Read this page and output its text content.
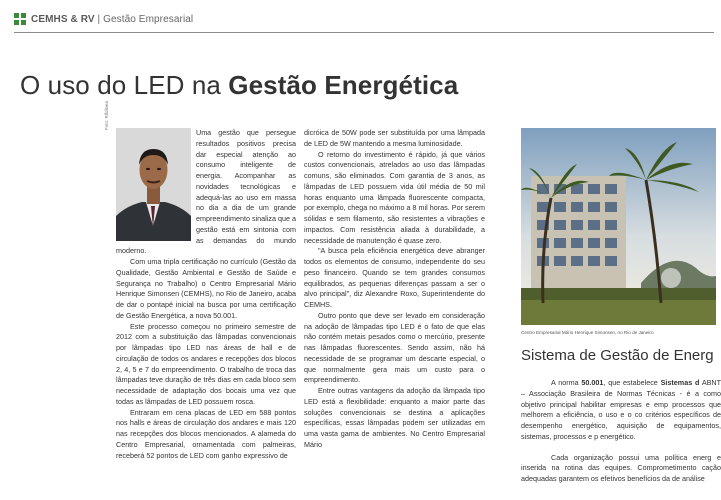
CEMHS & RV | Gestão Empresarial
O uso do LED na Gestão Energética
Foto: Rifolinea

Uma gestão que persegue resultados positivos precisa dar especial atenção ao consumo inteligente de energia. Acompanhar as novidades tecnológicas e adequá-las ao uso em massa no dia a dia de um grande empreendimento sinaliza que a gestão está em sintonia com as demandas do mundo moderno.

Com uma tripla certificação no currículo (Gestão da Qualidade, Gestão Ambiental e Gestão de Saúde e Segurança no Trabalho) o Centro Empresarial Mário Henrique Simonsen (CEMHS), no Rio de Janeiro, acaba de dar o pontapé inicial na busca por uma certificação de Gestão Energética, a nova 50.001.

Este processo começou no primeiro semestre de 2012 com a substituição das lâmpadas convencionais por lâmpadas tipo LED nas áreas de hall e de circulação de todos os andares e recepções dos blocos 2, 4, 5 e 7 do empreendimento. O trabalho de troca das lâmpadas teve duração de três dias em cada bloco sem necessidade de adaptação dos bocais uma vez que todas as lâmpadas de LED possuem rosca.

Entraram em cena placas de LED em 588 pontos nos halls e áreas de circulação dos andares e mais 120 nas recepções dos blocos mencionados. A alameda do Centro Empresarial, ornamentada com palmeiras, receberá 52 pontos de LED com ganho expressivo de

dicróica de 50W pode ser substituída por uma lâmpada de LED de 5W mantendo a mesma luminosidade.

O retorno do investimento é rápido, já que vários custos convencionais, atrelados ao uso das lâmpadas comuns, são eliminados. Com garantia de 3 anos, as lâmpadas de LED possuem vida útil média de 50 mil horas enquanto uma lâmpada fluorescente compacta, por exemplo, chega no máximo a 8 mil horas. Por serem sólidas e sem filamento, são resistentes a vibrações e impactos. Com resistência aliada à durabilidade, a necessidade de manutenção é quase zero.

"A busca pela eficiência energética deve abranger todos os elementos de consumo, independente do seu peso financeiro. Quando se tem grandes consumos equilibrados, as pequenas diferenças passam a ser o alvo principal", diz Alexandre Roxo, Superintendente do CEMHS.

Outro ponto que deve ser levado em consideração na adoção de lâmpadas tipo LED é o fato de que elas não contém metais pesados como o mercúrio, presente nas lâmpadas fluorescentes. Sendo assim, não há necessidade de se programar um descarte especial, o que normalmente gera mais um custo para o empreendimento.

Entre outras vantagens da adoção da lâmpada tipo LED está a flexibilidade: enquanto a maior parte das soluções convencionais se destina a aplicações específicas, essas lâmpadas podem ser utilizadas em uma vasta gama de ambientes. No Centro Empresarial Mário

Centro Empresarial Mário Henrique Simonsen, no Rio de Janeiro
Sistema de Gestão de Energ

A norma 50.001, que estabelece Sistemas d ABNT – Associação Brasileira de Normas Técnicas - é a como objetivo principal habilitar empresas e emp processos que melhorem a eficiência, o uso e o co critérios específicos de desempenho energético, aquisição de equipamentos, sistemas, processos e p energético.

Cada organização possui uma política energ e inserida na rotina das equipes. Comprometimento cação adequadas garantem os efetivos benefícios da de análise
